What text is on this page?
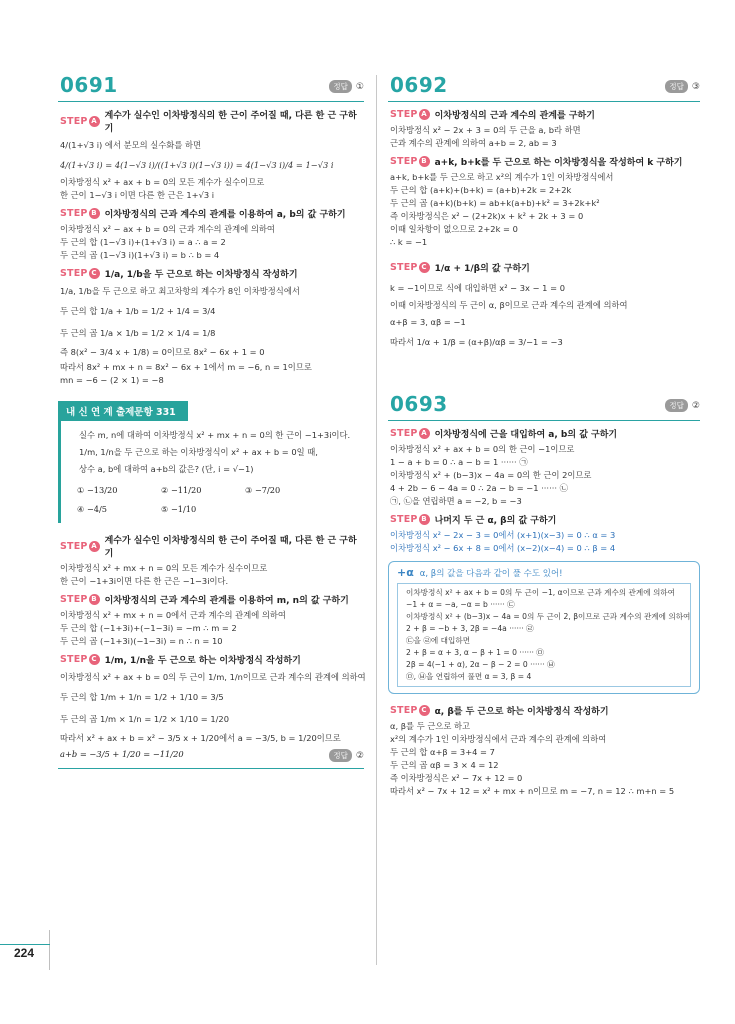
0691	정답 ①
STEP A 계수가 실수인 이차방정식의 한 근이 주어질 때, 다른 한 근 구하기
4/(1+√3 i) 에서 분모의 실수화를 하면
4/(1+√3 i) = 4(1−√3 i)/((1+√3 i)(1−√3 i)) = 4(1−√3 i)/4 = 1−√3 i
이차방정식 x² + ax + b = 0의 모든 계수가 실수이므로
한 근이 1−√3 i 이면 다른 한 근은 1+√3 i
STEP B 이차방정식의 근과 계수의 관계를 이용하여 a, b의 값 구하기
이차방정식 x² − ax + b = 0의 근과 계수의 관계에 의하여
두 근의 합 (1−√3 i)+(1+√3 i) = a ∴ a = 2
두 근의 곱 (1−√3 i)(1+√3 i) = b ∴ b = 4
STEP C 1/a, 1/b을 두 근으로 하는 이차방정식 작성하기
1/a, 1/b을 두 근으로 하고 최고차항의 계수가 8인 이차방정식에서
두 근의 합 1/a + 1/b = 1/2 + 1/4 = 3/4
두 근의 곱 1/a × 1/b = 1/2 × 1/4 = 1/8
즉 8(x² − 3/4 x + 1/8) = 0이므로 8x² − 6x + 1 = 0
따라서 8x² + mx + n = 8x² − 6x + 1에서 m = −6, n = 1이므로
mn = −6 − (2 × 1) = −8
내 신 연 계 출제문항 331
실수 m, n에 대하여 이차방정식 x² + mx + n = 0의 한 근이 −1+3i이다.
1/m, 1/n을 두 근으로 하는 이차방정식이 x² + ax + b = 0일 때,
상수 a, b에 대하여 a+b의 값은? (단, i = √−1)
① −13/20	② −11/20	③ −7/20
④ −4/5	⑤ −1/10
STEP A 계수가 실수인 이차방정식의 한 근이 주어질 때, 다른 한 근 구하기
이차방정식 x² + mx + n = 0의 모든 계수가 실수이므로
한 근이 −1+3i이면 다른 한 근은 −1−3i이다.
STEP B 이차방정식의 근과 계수의 관계를 이용하여 m, n의 값 구하기
이차방정식 x² + mx + n = 0에서 근과 계수의 관계에 의하여
두 근의 합 (−1+3i)+(−1−3i) = −m ∴ m = 2
두 근의 곱 (−1+3i)(−1−3i) = n ∴ n = 10
STEP C 1/m, 1/n을 두 근으로 하는 이차방정식 작성하기
이차방정식 x² + ax + b = 0의 두 근이 1/m, 1/n이므로 근과 계수의 관계에 의하여
두 근의 합 1/m + 1/n = 1/2 + 1/10 = 3/5
두 근의 곱 1/m × 1/n = 1/2 × 1/10 = 1/20
따라서 x² + ax + b = x² − 3/5 x + 1/20에서 a = −3/5, b = 1/20이므로
a+b = −3/5 + 1/20 = −11/20	정답 ②
0692	정답 ③
STEP A 이차방정식의 근과 계수의 관계를 구하기
이차방정식 x² − 2x + 3 = 0의 두 근을 a, b라 하면
근과 계수의 관계에 의하여 a+b = 2, ab = 3
STEP B a+k, b+k를 두 근으로 하는 이차방정식을 작성하여 k 구하기
a+k, b+k를 두 근으로 하고 x²의 계수가 1인 이차방정식에서
두 근의 합 (a+k)+(b+k) = (a+b)+2k = 2+2k
두 근의 곱 (a+k)(b+k) = ab+k(a+b)+k² = 3+2k+k²
즉 이차방정식은 x² − (2+2k)x + k² + 2k + 3 = 0
이때 일차항이 없으므로 2+2k = 0
∴ k = −1
STEP C 1/α + 1/β의 값 구하기
k = −1이므로 식에 대입하면 x² − 3x − 1 = 0
이때 이차방정식의 두 근이 α, β이므로 근과 계수의 관계에 의하여
α+β = 3, αβ = −1
따라서 1/α + 1/β = (α+β)/αβ = 3/−1 = −3
0693	정답 ②
STEP A 이차방정식에 근을 대입하여 a, b의 값 구하기
이차방정식 x² + ax + b = 0의 한 근이 −1이므로
1 − a + b = 0 ∴ a − b = 1 ······ ㉠
이차방정식 x² + (b−3)x − 4a = 0의 한 근이 2이므로
4 + 2b − 6 − 4a = 0 ∴ 2a − b = −1 ······ ㉡
㉠, ㉡을 연립하면 a = −2, b = −3
STEP B 나머지 두 근 α, β의 값 구하기
이차방정식 x² − 2x − 3 = 0에서 (x+1)(x−3) = 0 ∴ α = 3
이차방정식 x² − 6x + 8 = 0에서 (x−2)(x−4) = 0 ∴ β = 4
+α α, β의 값을 다음과 같이 풀 수도 있어!
이차방정식 x² + ax + b = 0의 두 근이 −1, α이므로 근과 계수의 관계에 의하여
−1 + α = −a, −α = b ······ ㉢
이차방정식 x² + (b−3)x − 4a = 0의 두 근이 2, β이므로 근과 계수의 관계에 의하여
2 + β = −b + 3, 2β = −4a ······ ㉣
㉢을 ㉣에 대입하면
2 + β = α + 3, α − β + 1 = 0 ······ ㉤
2β = 4(−1 + α), 2α − β − 2 = 0 ······ ㉥
㉤, ㉥을 연립하여 풀면 α = 3, β = 4
STEP C α, β를 두 근으로 하는 이차방정식 작성하기
α, β를 두 근으로 하고
x²의 계수가 1인 이차방정식에서 근과 계수의 관계에 의하여
두 근의 합 α+β = 3+4 = 7
두 근의 곱 αβ = 3 × 4 = 12
즉 이차방정식은 x² − 7x + 12 = 0
따라서 x² − 7x + 12 = x² + mx + n이므로 m = −7, n = 12 ∴ m+n = 5
224
